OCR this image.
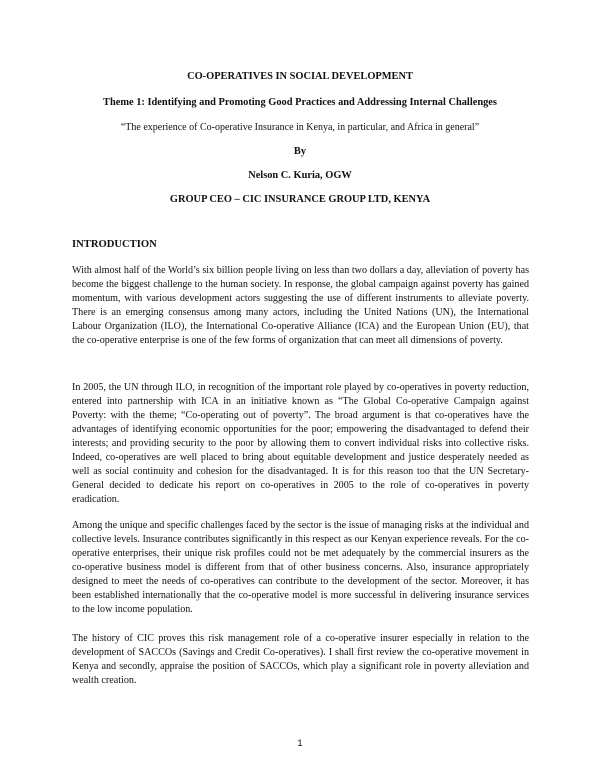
CO-OPERATIVES IN SOCIAL DEVELOPMENT
Theme 1: Identifying and Promoting Good Practices and Addressing Internal Challenges
“The experience of Co-operative Insurance in Kenya, in particular, and Africa in general”
By
Nelson C. Kuria, OGW
GROUP CEO – CIC INSURANCE GROUP LTD, KENYA
INTRODUCTION

With almost half of the World’s six billion people living on less than two dollars a day, alleviation of poverty has become the biggest challenge to the human society. In response, the global campaign against poverty has gained momentum, with various development actors suggesting the use of different instruments to alleviate poverty. There is an emerging consensus among many actors, including the United Nations (UN), the International Labour Organization (ILO), the International Co-operative Alliance (ICA) and the European Union (EU), that the co-operative enterprise is one of the few forms of organization that can meet all dimensions of poverty.

In 2005, the UN through ILO, in recognition of the important role played by co-operatives in poverty reduction, entered into partnership with ICA in an initiative known as “The Global Co-operative Campaign against Poverty: with the theme; “Co-operating out of poverty”. The broad argument is that co-operatives have the advantages of identifying economic opportunities for the poor; empowering the disadvantaged to defend their interests; and providing security to the poor by allowing them to convert individual risks into collective risks. Indeed, co-operatives are well placed to bring about equitable development and justice desperately needed as well as social continuity and cohesion for the disadvantaged. It is for this reason too that the UN Secretary-General decided to dedicate his report on co-operatives in 2005 to the role of co-operatives in poverty eradication.

Among the unique and specific challenges faced by the sector is the issue of managing risks at the individual and collective levels. Insurance contributes significantly in this respect as our Kenyan experience reveals. For the co-operative enterprises, their unique risk profiles could not be met adequately by the commercial insurers as the co-operative business model is different from that of other business concerns. Also, insurance appropriately designed to meet the needs of co-operatives can contribute to the development of the sector. Moreover, it has been established internationally that the co-operative model is more successful in delivering insurance services to the low income population.

The history of CIC proves this risk management role of a co-operative insurer especially in relation to the development of SACCOs (Savings and Credit Co-operatives). I shall first review the co-operative movement in Kenya and secondly, appraise the position of SACCOs, which play a significant role in poverty alleviation and wealth creation.

1
